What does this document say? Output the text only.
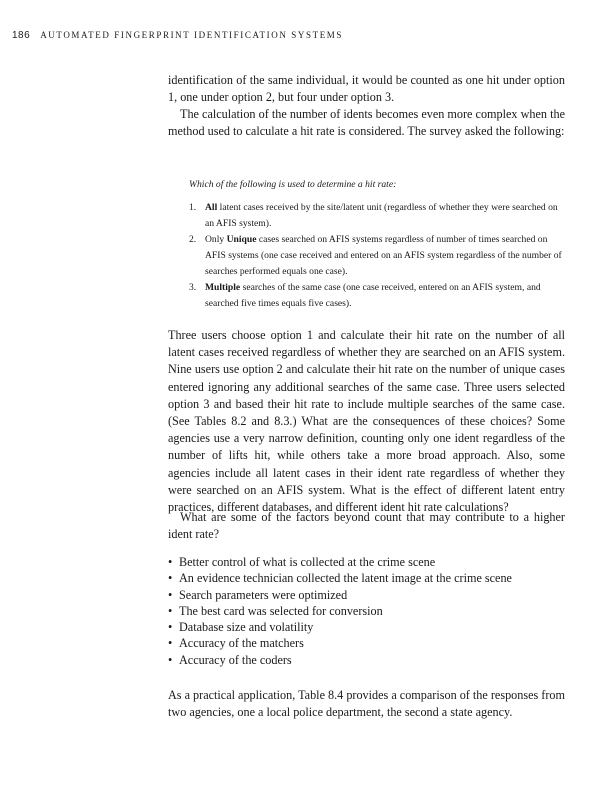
186 AUTOMATED FINGERPRINT IDENTIFICATION SYSTEMS

identification of the same individual, it would be counted as one hit under option 1, one under option 2, but four under option 3.

The calculation of the number of idents becomes even more complex when the method used to calculate a hit rate is considered. The survey asked the following:

Which of the following is used to determine a hit rate:
1. All latent cases received by the site/latent unit (regardless of whether they were searched on an AFIS system).
2. Only Unique cases searched on AFIS systems regardless of number of times searched on AFIS systems (one case received and entered on an AFIS system regardless of the number of searches performed equals one case).
3. Multiple searches of the same case (one case received, entered on an AFIS system, and searched five times equals five cases).

Three users choose option 1 and calculate their hit rate on the number of all latent cases received regardless of whether they are searched on an AFIS system. Nine users use option 2 and calculate their hit rate on the number of unique cases entered ignoring any additional searches of the same case. Three users selected option 3 and based their hit rate to include multiple searches of the same case. (See Tables 8.2 and 8.3.) What are the consequences of these choices? Some agencies use a very narrow definition, counting only one ident regardless of the number of lifts hit, while others take a more broad approach. Also, some agencies include all latent cases in their ident rate regardless of whether they were searched on an AFIS system. What is the effect of different latent entry practices, different databases, and different ident hit rate calculations?

What are some of the factors beyond count that may contribute to a higher ident rate?

• Better control of what is collected at the crime scene
• An evidence technician collected the latent image at the crime scene
• Search parameters were optimized
• The best card was selected for conversion
• Database size and volatility
• Accuracy of the matchers
• Accuracy of the coders

As a practical application, Table 8.4 provides a comparison of the responses from two agencies, one a local police department, the second a state agency.
